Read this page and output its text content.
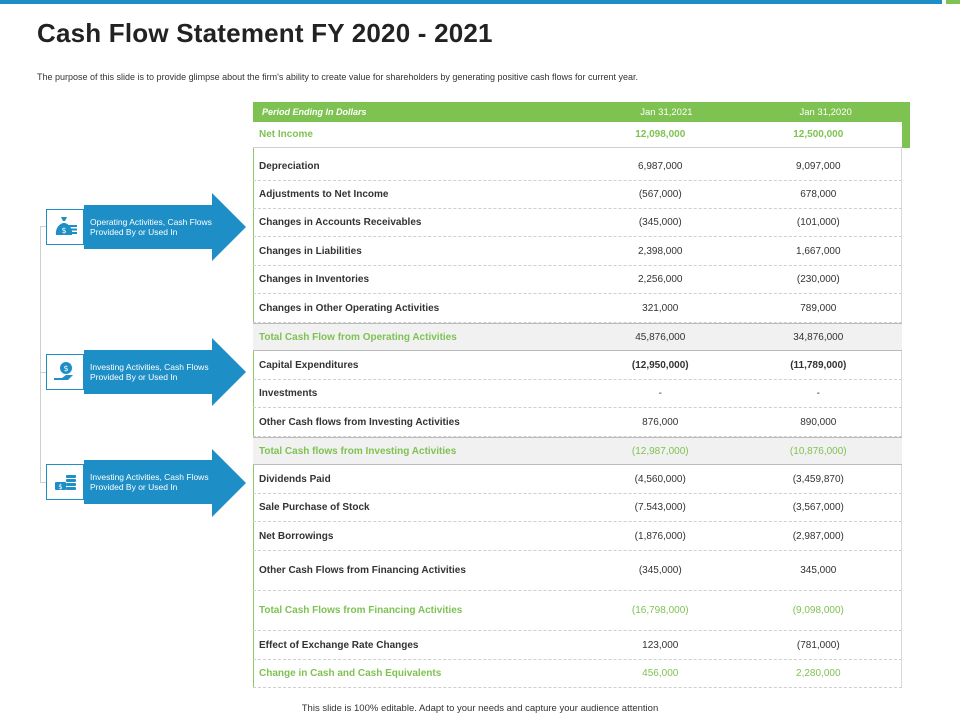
Cash Flow Statement FY 2020 - 2021
The purpose of this slide is to provide glimpse about the firm's ability to create value for shareholders by generating positive cash flows for current year.
Operating Activities, Cash Flows Provided By or Used In
$
Investing Activities, Cash Flows Provided By or Used In
$
Investing Activities, Cash Flows Provided By or Used In
$
Period Ending In Dollars	Jan 31,2021	Jan 31,2020
Net Income	12,098,000	12,500,000
Depreciation	6,987,000	9,097,000
Adjustments to Net Income	(567,000)	678,000
Changes in Accounts Receivables	(345,000)	(101,000)
Changes in Liabilities	2,398,000	1,667,000
Changes in Inventories	2,256,000	(230,000)
Changes in Other Operating Activities	321,000	789,000
Total Cash Flow from Operating Activities	45,876,000	34,876,000
Capital Expenditures	(12,950,000)	(11,789,000)
Investments	-	-
Other Cash flows from Investing Activities	876,000	890,000
Total Cash flows from Investing Activities	(12,987,000)	(10,876,000)
Dividends Paid	(4,560,000)	(3,459,870)
Sale Purchase of Stock	(7.543,000)	(3,567,000)
Net Borrowings	(1,876,000)	(2,987,000)
Other Cash Flows from Financing Activities	(345,000)	345,000
Total Cash Flows from Financing Activities	(16,798,000)	(9,098,000)
Effect of Exchange Rate Changes	123,000	(781,000)
Change in Cash and Cash Equivalents	456,000	2,280,000
This slide is 100% editable. Adapt to your needs and capture your audience attention
